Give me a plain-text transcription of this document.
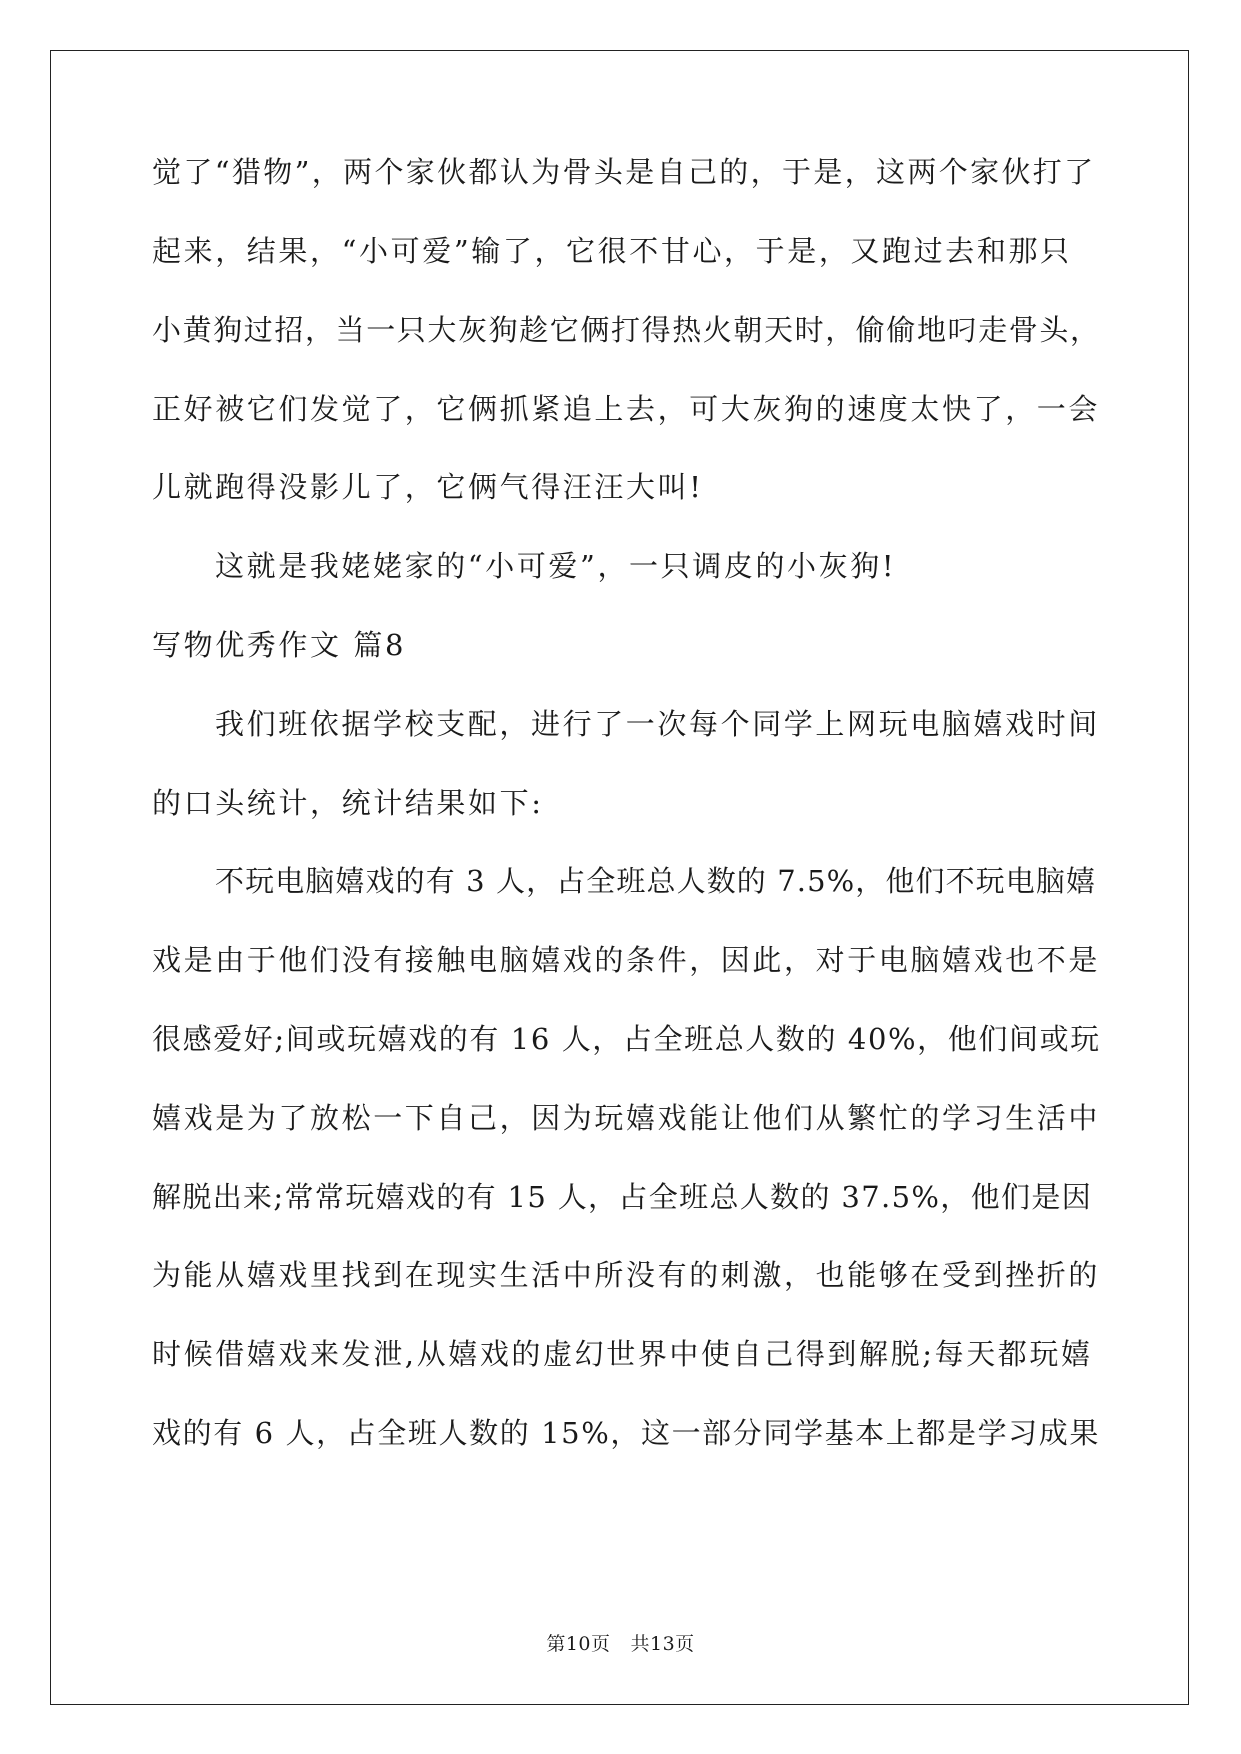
觉了“猎物”，两个家伙都认为骨头是自己的，于是，这两个家伙打了
起来，结果，“小可爱”输了，它很不甘心，于是，又跑过去和那只
小黄狗过招，当一只大灰狗趁它俩打得热火朝天时，偷偷地叼走骨头，
正好被它们发觉了，它俩抓紧追上去，可大灰狗的速度太快了，一会
儿就跑得没影儿了，它俩气得汪汪大叫!
这就是我姥姥家的“小可爱”，一只调皮的小灰狗!
写物优秀作文 篇8
我们班依据学校支配，进行了一次每个同学上网玩电脑嬉戏时间
的口头统计，统计结果如下:
不玩电脑嬉戏的有 3 人，占全班总人数的 7.5%，他们不玩电脑嬉
戏是由于他们没有接触电脑嬉戏的条件，因此，对于电脑嬉戏也不是
很感爱好;间或玩嬉戏的有 16 人，占全班总人数的 40%，他们间或玩
嬉戏是为了放松一下自己，因为玩嬉戏能让他们从繁忙的学习生活中
解脱出来;常常玩嬉戏的有 15 人，占全班总人数的 37.5%，他们是因
为能从嬉戏里找到在现实生活中所没有的刺激，也能够在受到挫折的
时候借嬉戏来发泄,从嬉戏的虚幻世界中使自己得到解脱;每天都玩嬉
戏的有 6 人，占全班人数的 15%，这一部分同学基本上都是学习成果
第10页 共13页
